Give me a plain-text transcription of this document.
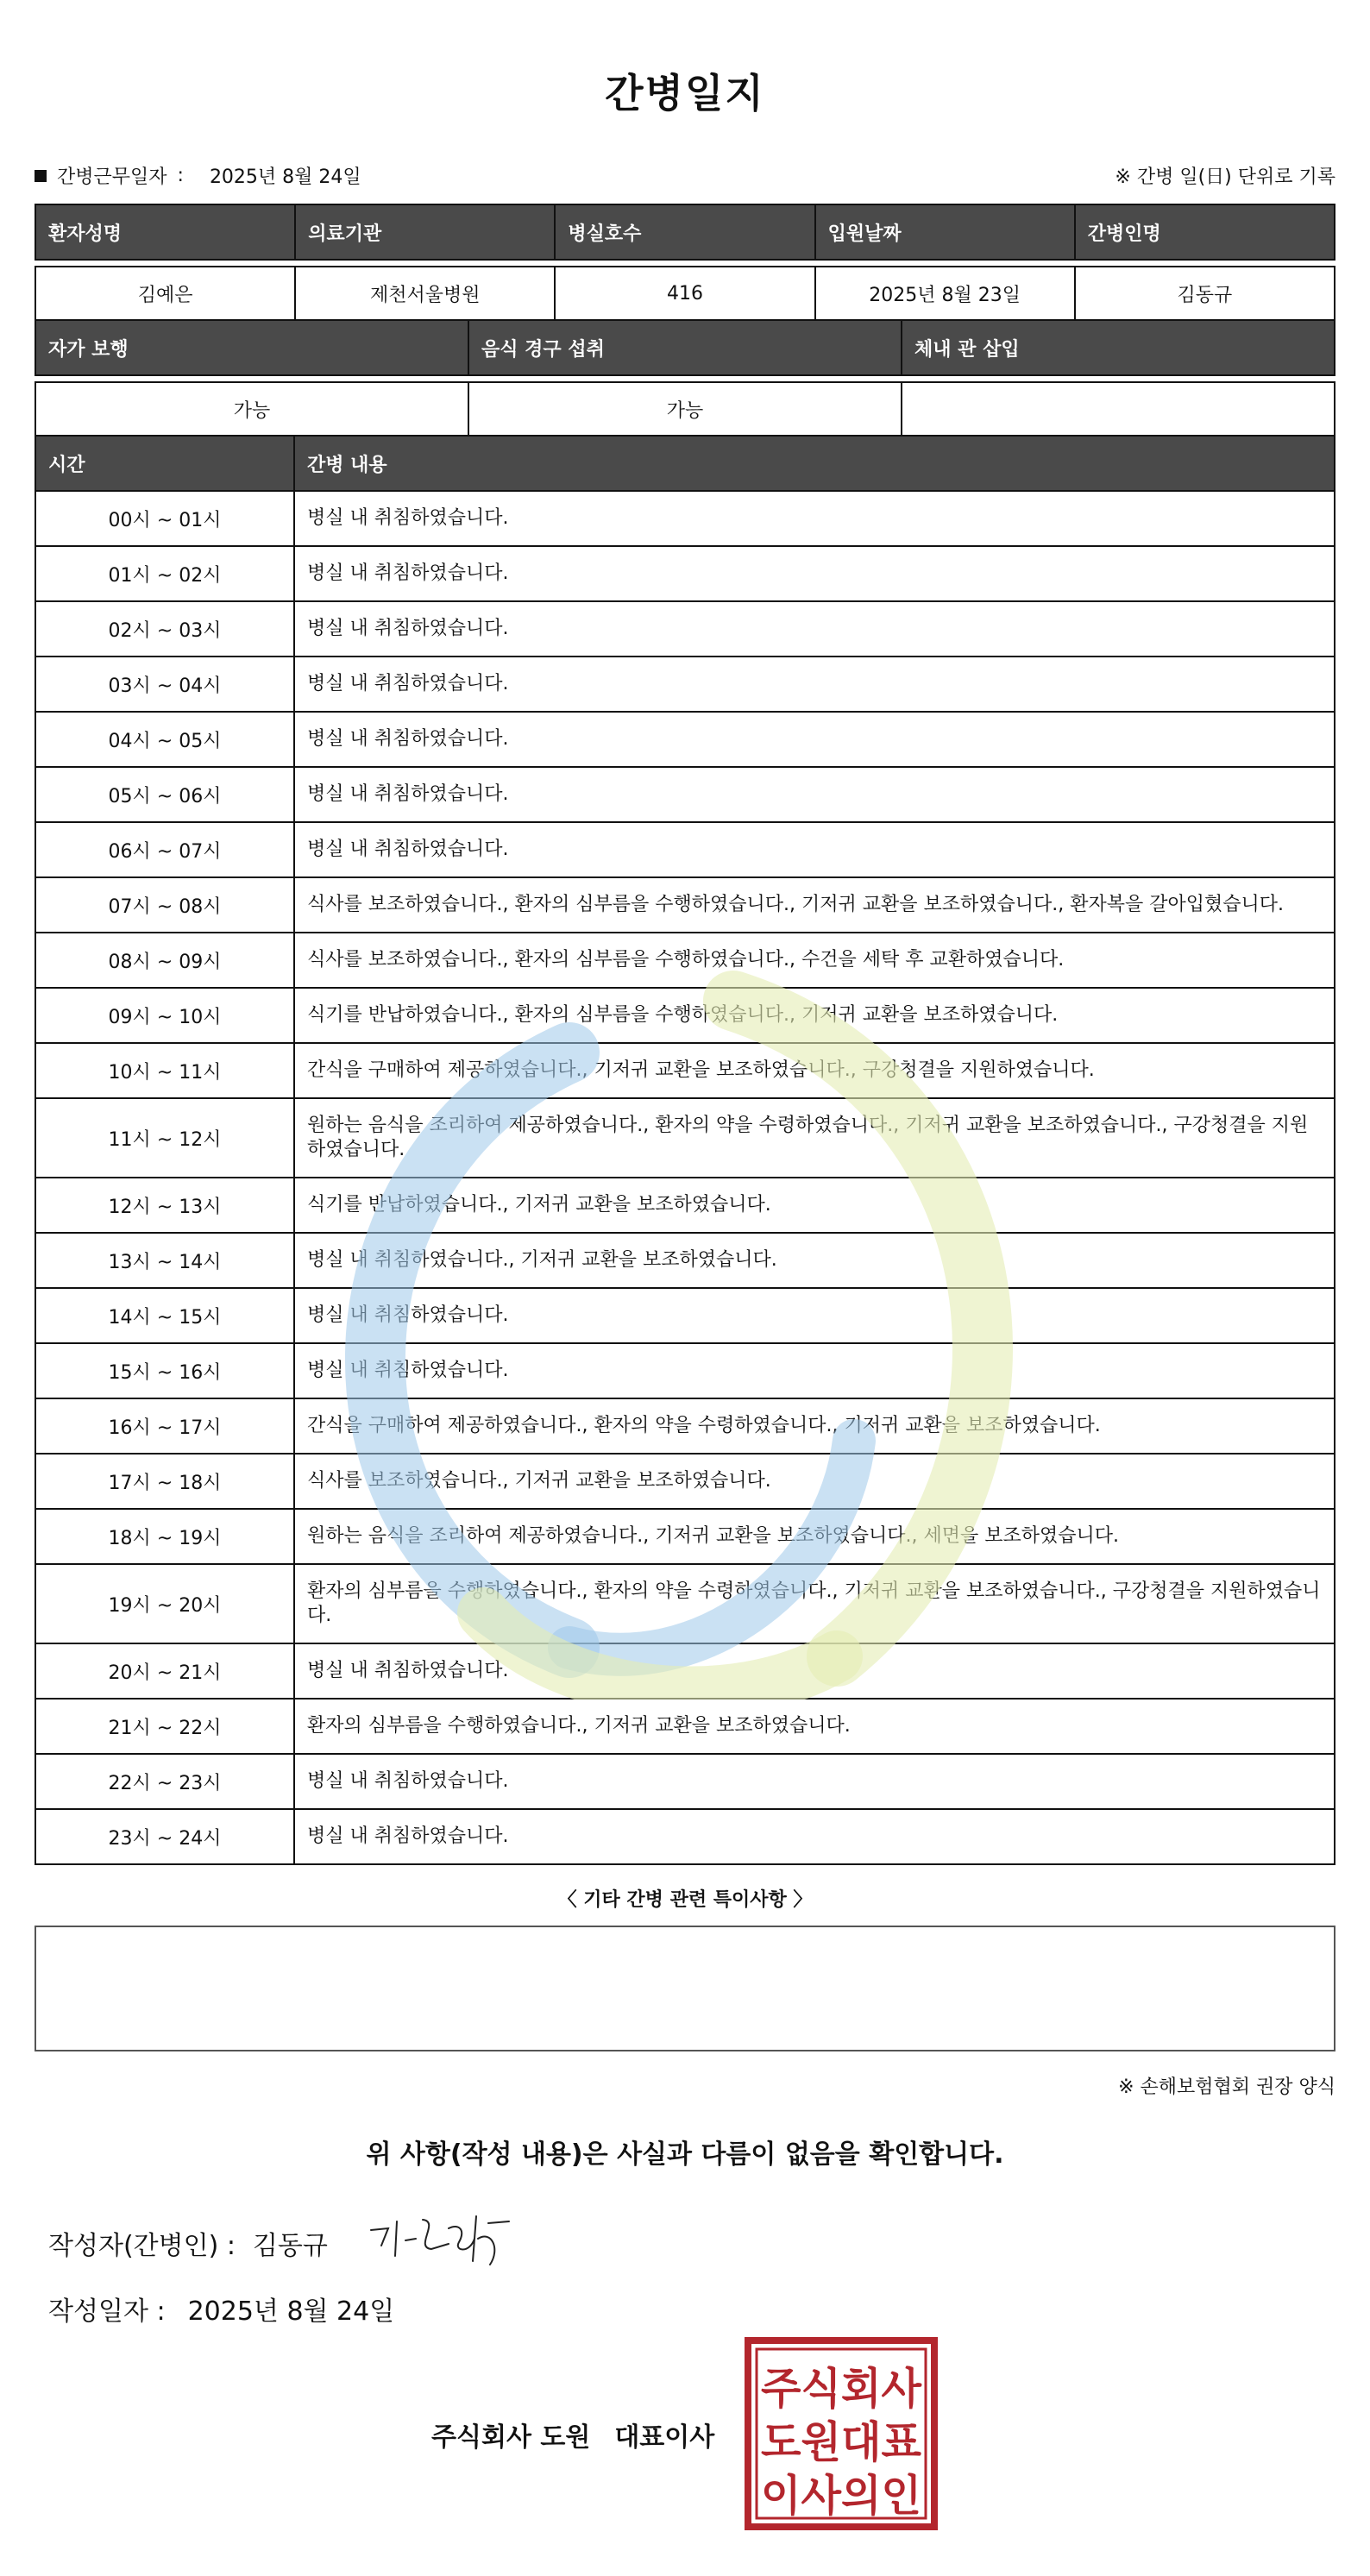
간병일지
간병근무일자 : 2025년 8월 24일	※ 간병 일(日) 단위로 기록
환자성명	의료기관	병실호수	입원날짜	간병인명

김예은	제천서울병원	416	2025년 8월 23일	김동규
자가 보행	음식 경구 섭취	체내 관 삽입

가능	가능	
시간	간병 내용
00시 ~ 01시	병실 내 취침하였습니다.
01시 ~ 02시	병실 내 취침하였습니다.
02시 ~ 03시	병실 내 취침하였습니다.
03시 ~ 04시	병실 내 취침하였습니다.
04시 ~ 05시	병실 내 취침하였습니다.
05시 ~ 06시	병실 내 취침하였습니다.
06시 ~ 07시	병실 내 취침하였습니다.
07시 ~ 08시	식사를 보조하였습니다., 환자의 심부름을 수행하였습니다., 기저귀 교환을 보조하였습니다., 환자복을 갈아입혔습니다.
08시 ~ 09시	식사를 보조하였습니다., 환자의 심부름을 수행하였습니다., 수건을 세탁 후 교환하였습니다.
09시 ~ 10시	식기를 반납하였습니다., 환자의 심부름을 수행하였습니다., 기저귀 교환을 보조하였습니다.
10시 ~ 11시	간식을 구매하여 제공하였습니다., 기저귀 교환을 보조하였습니다., 구강청결을 지원하였습니다.
11시 ~ 12시	원하는 음식을 조리하여 제공하였습니다., 환자의 약을 수령하였습니다., 기저귀 교환을 보조하였습니다., 구강청결을 지원하였습니다.
12시 ~ 13시	식기를 반납하였습니다., 기저귀 교환을 보조하였습니다.
13시 ~ 14시	병실 내 취침하였습니다., 기저귀 교환을 보조하였습니다.
14시 ~ 15시	병실 내 취침하였습니다.
15시 ~ 16시	병실 내 취침하였습니다.
16시 ~ 17시	간식을 구매하여 제공하였습니다., 환자의 약을 수령하였습니다., 기저귀 교환을 보조하였습니다.
17시 ~ 18시	식사를 보조하였습니다., 기저귀 교환을 보조하였습니다.
18시 ~ 19시	원하는 음식을 조리하여 제공하였습니다., 기저귀 교환을 보조하였습니다., 세면을 보조하였습니다.
19시 ~ 20시	환자의 심부름을 수행하였습니다., 환자의 약을 수령하였습니다., 기저귀 교환을 보조하였습니다., 구강청결을 지원하였습니다.
20시 ~ 21시	병실 내 취침하였습니다.
21시 ~ 22시	환자의 심부름을 수행하였습니다., 기저귀 교환을 보조하였습니다.
22시 ~ 23시	병실 내 취침하였습니다.
23시 ~ 24시	병실 내 취침하였습니다.
〈 기타 간병 관련 특이사항 〉
※ 손해보험협회 권장 양식
위 사항(작성 내용)은 사실과 다름이 없음을 확인합니다.
작성자(간병인) : 김동규
작성일자 : 2025년 8월 24일
주식회사 도원 대표이사
주식회사
도원대표
이사의인
